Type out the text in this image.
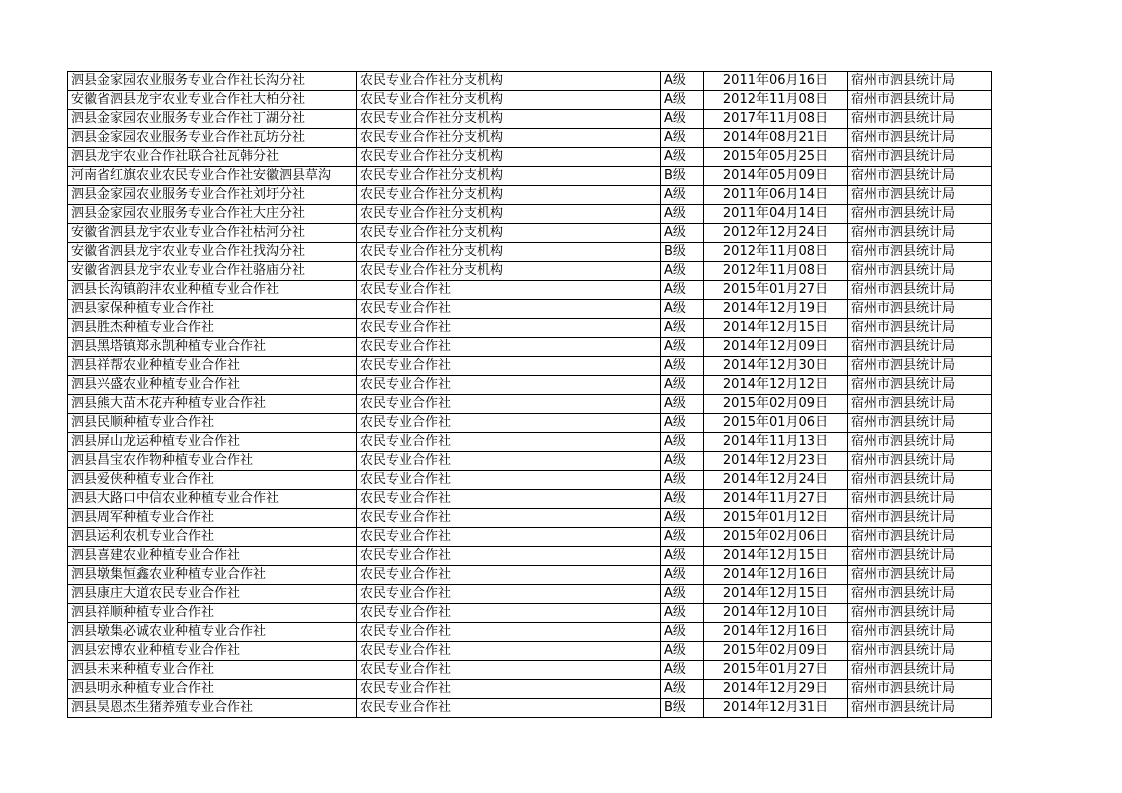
泗县金家园农业服务专业合作社长沟分社	农民专业合作社分支机构	A级	2011年06月16日	宿州市泗县统计局
安徽省泗县龙宇农业专业合作社大柏分社	农民专业合作社分支机构	A级	2012年11月08日	宿州市泗县统计局
泗县金家园农业服务专业合作社丁湖分社	农民专业合作社分支机构	A级	2017年11月08日	宿州市泗县统计局
泗县金家园农业服务专业合作社瓦坊分社	农民专业合作社分支机构	A级	2014年08月21日	宿州市泗县统计局
泗县龙宇农业合作社联合社瓦韩分社	农民专业合作社分支机构	A级	2015年05月25日	宿州市泗县统计局
河南省红旗农业农民专业合作社安徽泗县草沟	农民专业合作社分支机构	B级	2014年05月09日	宿州市泗县统计局
泗县金家园农业服务专业合作社刘圩分社	农民专业合作社分支机构	A级	2011年06月14日	宿州市泗县统计局
泗县金家园农业服务专业合作社大庄分社	农民专业合作社分支机构	A级	2011年04月14日	宿州市泗县统计局
安徽省泗县龙宇农业专业合作社枯河分社	农民专业合作社分支机构	A级	2012年12月24日	宿州市泗县统计局
安徽省泗县龙宇农业专业合作社找沟分社	农民专业合作社分支机构	B级	2012年11月08日	宿州市泗县统计局
安徽省泗县龙宇农业专业合作社骆庙分社	农民专业合作社分支机构	A级	2012年11月08日	宿州市泗县统计局
泗县长沟镇韵沣农业种植专业合作社	农民专业合作社	A级	2015年01月27日	宿州市泗县统计局
泗县家保种植专业合作社	农民专业合作社	A级	2014年12月19日	宿州市泗县统计局
泗县胜杰种植专业合作社	农民专业合作社	A级	2014年12月15日	宿州市泗县统计局
泗县黑塔镇郑永凯种植专业合作社	农民专业合作社	A级	2014年12月09日	宿州市泗县统计局
泗县祥帮农业种植专业合作社	农民专业合作社	A级	2014年12月30日	宿州市泗县统计局
泗县兴盛农业种植专业合作社	农民专业合作社	A级	2014年12月12日	宿州市泗县统计局
泗县熊大苗木花卉种植专业合作社	农民专业合作社	A级	2015年02月09日	宿州市泗县统计局
泗县民顺种植专业合作社	农民专业合作社	A级	2015年01月06日	宿州市泗县统计局
泗县屏山龙运种植专业合作社	农民专业合作社	A级	2014年11月13日	宿州市泗县统计局
泗县昌宝农作物种植专业合作社	农民专业合作社	A级	2014年12月23日	宿州市泗县统计局
泗县爱侠种植专业合作社	农民专业合作社	A级	2014年12月24日	宿州市泗县统计局
泗县大路口中信农业种植专业合作社	农民专业合作社	A级	2014年11月27日	宿州市泗县统计局
泗县周军种植专业合作社	农民专业合作社	A级	2015年01月12日	宿州市泗县统计局
泗县运利农机专业合作社	农民专业合作社	A级	2015年02月06日	宿州市泗县统计局
泗县喜建农业种植专业合作社	农民专业合作社	A级	2014年12月15日	宿州市泗县统计局
泗县墩集恒鑫农业种植专业合作社	农民专业合作社	A级	2014年12月16日	宿州市泗县统计局
泗县康庄大道农民专业合作社	农民专业合作社	A级	2014年12月15日	宿州市泗县统计局
泗县祥顺种植专业合作社	农民专业合作社	A级	2014年12月10日	宿州市泗县统计局
泗县墩集必诚农业种植专业合作社	农民专业合作社	A级	2014年12月16日	宿州市泗县统计局
泗县宏博农业种植专业合作社	农民专业合作社	A级	2015年02月09日	宿州市泗县统计局
泗县未来种植专业合作社	农民专业合作社	A级	2015年01月27日	宿州市泗县统计局
泗县明永种植专业合作社	农民专业合作社	A级	2014年12月29日	宿州市泗县统计局
泗县昊恩杰生猪养殖专业合作社	农民专业合作社	B级	2014年12月31日	宿州市泗县统计局
